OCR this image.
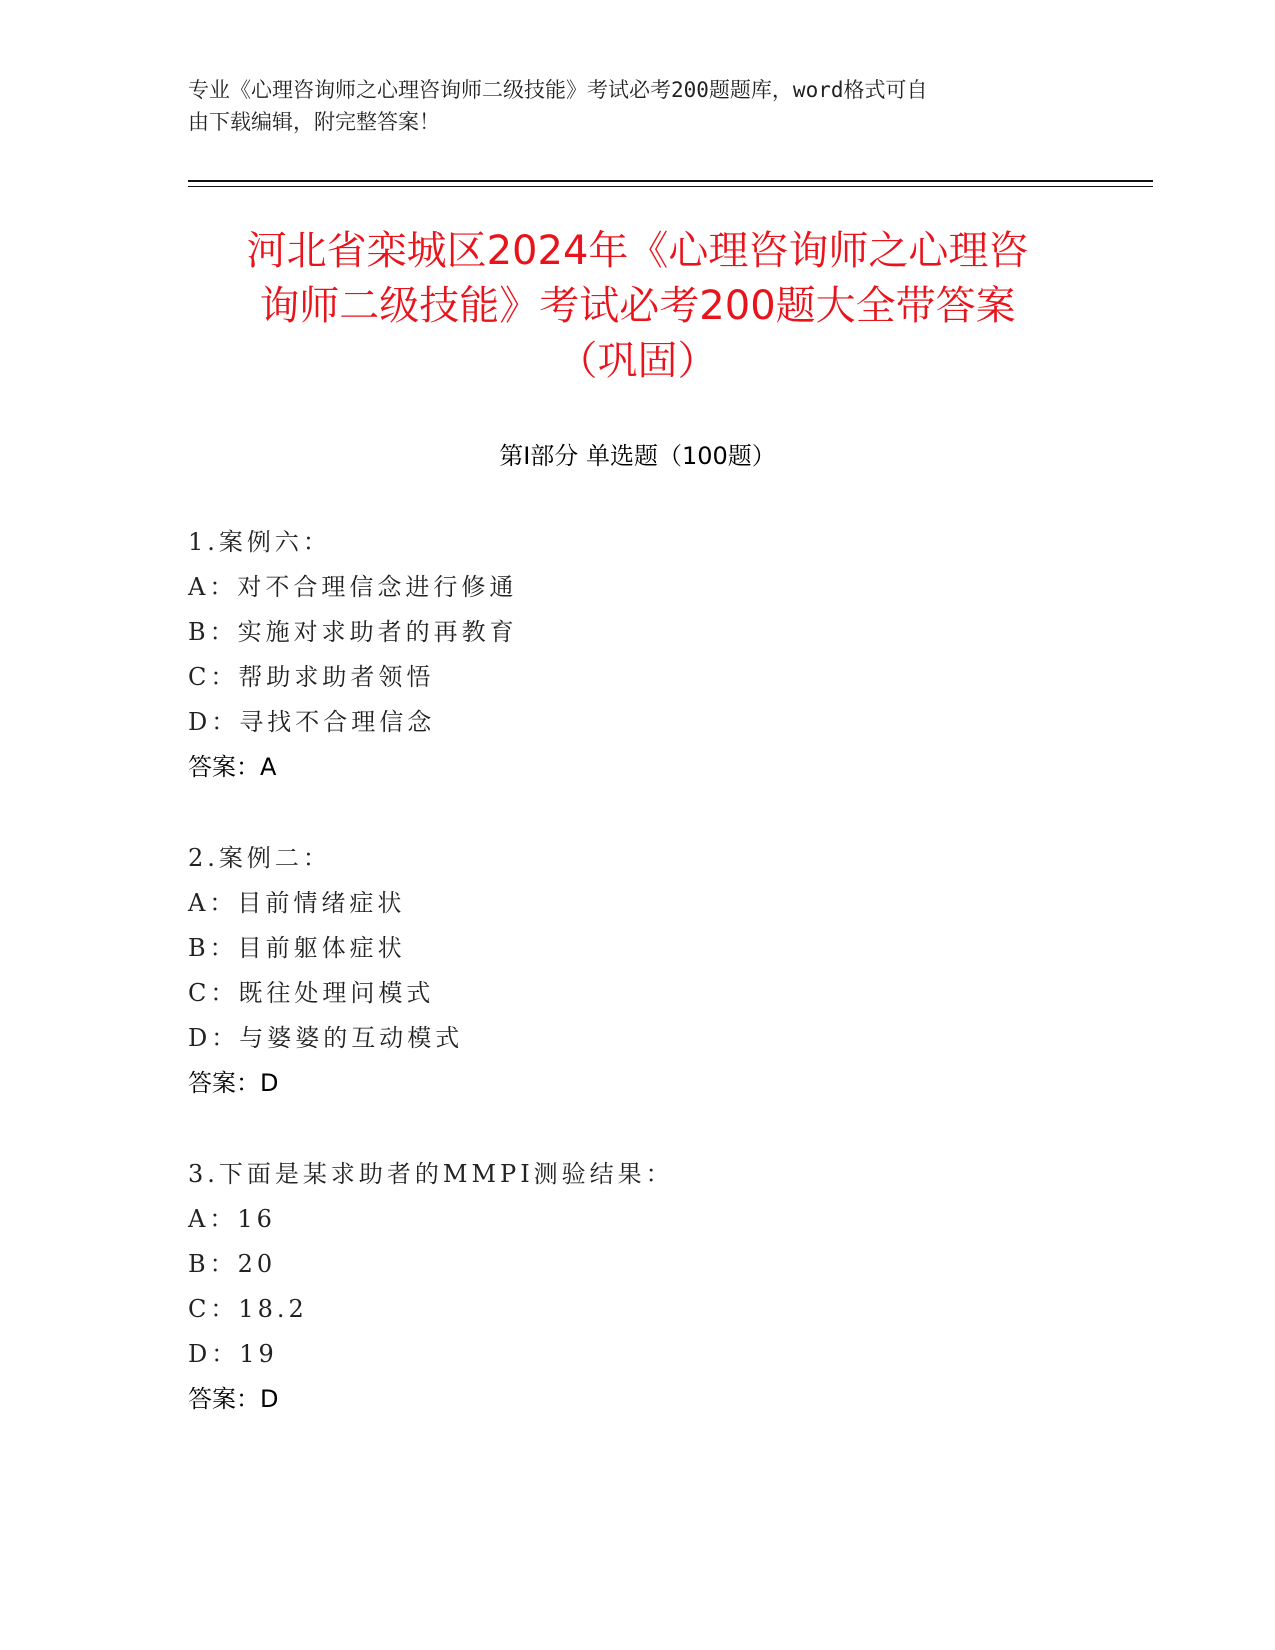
专业《心理咨询师之心理咨询师二级技能》考试必考200题题库，word格式可自
由下载编辑，附完整答案！
河北省栾城区2024年《心理咨询师之心理咨
询师二级技能》考试必考200题大全带答案
（巩固）
第Ⅰ部分 单选题（100题）
1.案例六：
A：对不合理信念进行修通
B：实施对求助者的再教育
C：帮助求助者领悟
D：寻找不合理信念
答案：A
2.案例二：
A：目前情绪症状
B：目前躯体症状
C：既往处理问模式
D：与婆婆的互动模式
答案：D
3.下面是某求助者的MMPI测验结果：
A：16
B：20
C：18.2
D：19
答案：D
